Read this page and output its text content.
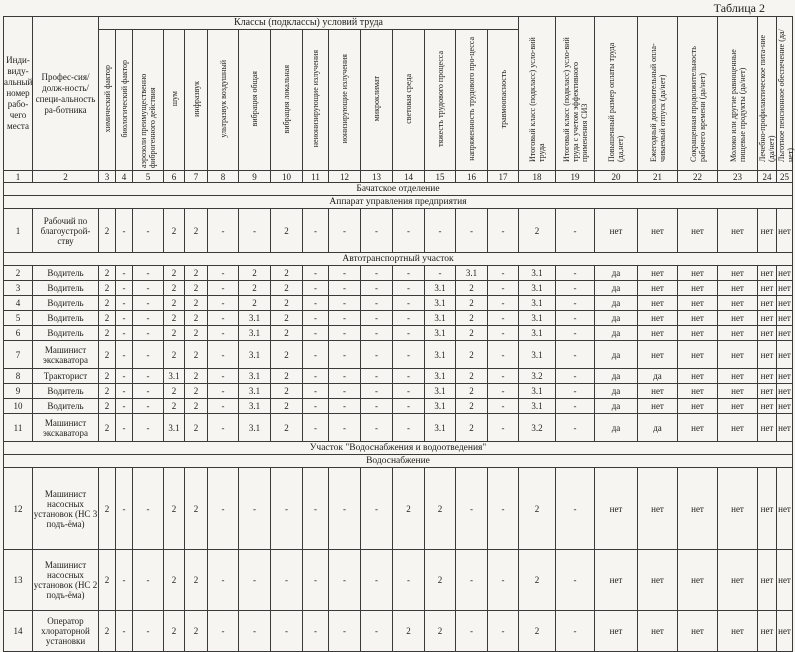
Таблица 2
Инди-виду-альный номер рабо-чего места	Профес-сия/долж-ность/специ-альность ра-ботника	Классы (подклассы) условий труда															Итоговый класс (подкласс) усло-вий труда	Итоговый класс (подкласс) усло-вий труда с учетом эффективного применения СИЗ	Повышенный размер оплаты труда (да,нет)	Ежегодный дополнительный опла-чиваемый отпуск (да/нет)	Сокращенная продолжительность рабочего времени (да/нет)	Молоко или другие равноценные пищевые продукты (да/нет)	Лечебно-профилактическое пита-ние (да/нет)	Льготное пенсионное обеспечение (да/нет)
		химический фактор	биологический фактор	аэрозоли преимущественно фиброгенного действия	шум	инфразвук	ультразвук воздушный	вибрация общая	вибрация локальная	неионизирующие излучения	ионизирующие излучения	микроклимат	световая среда	тяжесть трудового процесса	напряженность трудового про-цесса	травмоопасность								
1	2	3	4	5	6	7	8	9	10	11	12	13	14	15	16	17	18	19	20	21	22	23	24	25
Бачатское отделение																								
Аппарат управления предприятия																								
1	Рабочий по благоустрой-ству	2	-	-	2	2	-	-	2	-	-	-	-	-	-	-	2	-	нет	нет	нет	нет	нет	нет
Автотранспортный участок																								
2	Водитель	2	-	-	2	2	-	2	2	-	-	-	-	-	3.1	-	3.1	-	да	нет	нет	нет	нет	нет
3	Водитель	2	-	-	2	2	-	2	2	-	-	-	-	3.1	2	-	3.1	-	да	нет	нет	нет	нет	нет
4	Водитель	2	-	-	2	2	-	2	2	-	-	-	-	3.1	2	-	3.1	-	да	нет	нет	нет	нет	нет
5	Водитель	2	-	-	2	2	-	3.1	2	-	-	-	-	3.1	2	-	3.1	-	да	нет	нет	нет	нет	нет
6	Водитель	2	-	-	2	2	-	3.1	2	-	-	-	-	3.1	2	-	3.1	-	да	нет	нет	нет	нет	нет
7	Машинист экскаватора	2	-	-	2	2	-	3.1	2	-	-	-	-	3.1	2	-	3.1	-	да	нет	нет	нет	нет	нет
8	Тракторист	2	-	-	3.1	2	-	3.1	2	-	-	-	-	3.1	2	-	3.2	-	да	да	нет	нет	нет	нет
9	Водитель	2	-	-	2	2	-	3.1	2	-	-	-	-	3.1	2	-	3.1	-	да	нет	нет	нет	нет	нет
10	Водитель	2	-	-	2	2	-	3.1	2	-	-	-	-	3.1	2	-	3.1	-	да	нет	нет	нет	нет	нет
11	Машинист экскаватора	2	-	-	3.1	2	-	3.1	2	-	-	-	-	3.1	2	-	3.2	-	да	да	нет	нет	нет	нет
Участок "Водоснабжения и водоотведения"																								
Водоснабжение																								
12	Машинист насосных установок (НС 3 подъ-ёма)	2	-	-	2	2	-	-	-	-	-	-	2	2	-	-	2	-	нет	нет	нет	нет	нет	нет
13	Машинист насосных установок (НС 2 подъ-ёма)	2	-	-	2	2	-	-	-	-	-	-	-	2	-	-	2	-	нет	нет	нет	нет	нет	нет
14	Оператор хлораторной установки	2	-	-	2	2	-	-	-	-	-	-	2	2	-	-	2	-	нет	нет	нет	нет	нет	нет
